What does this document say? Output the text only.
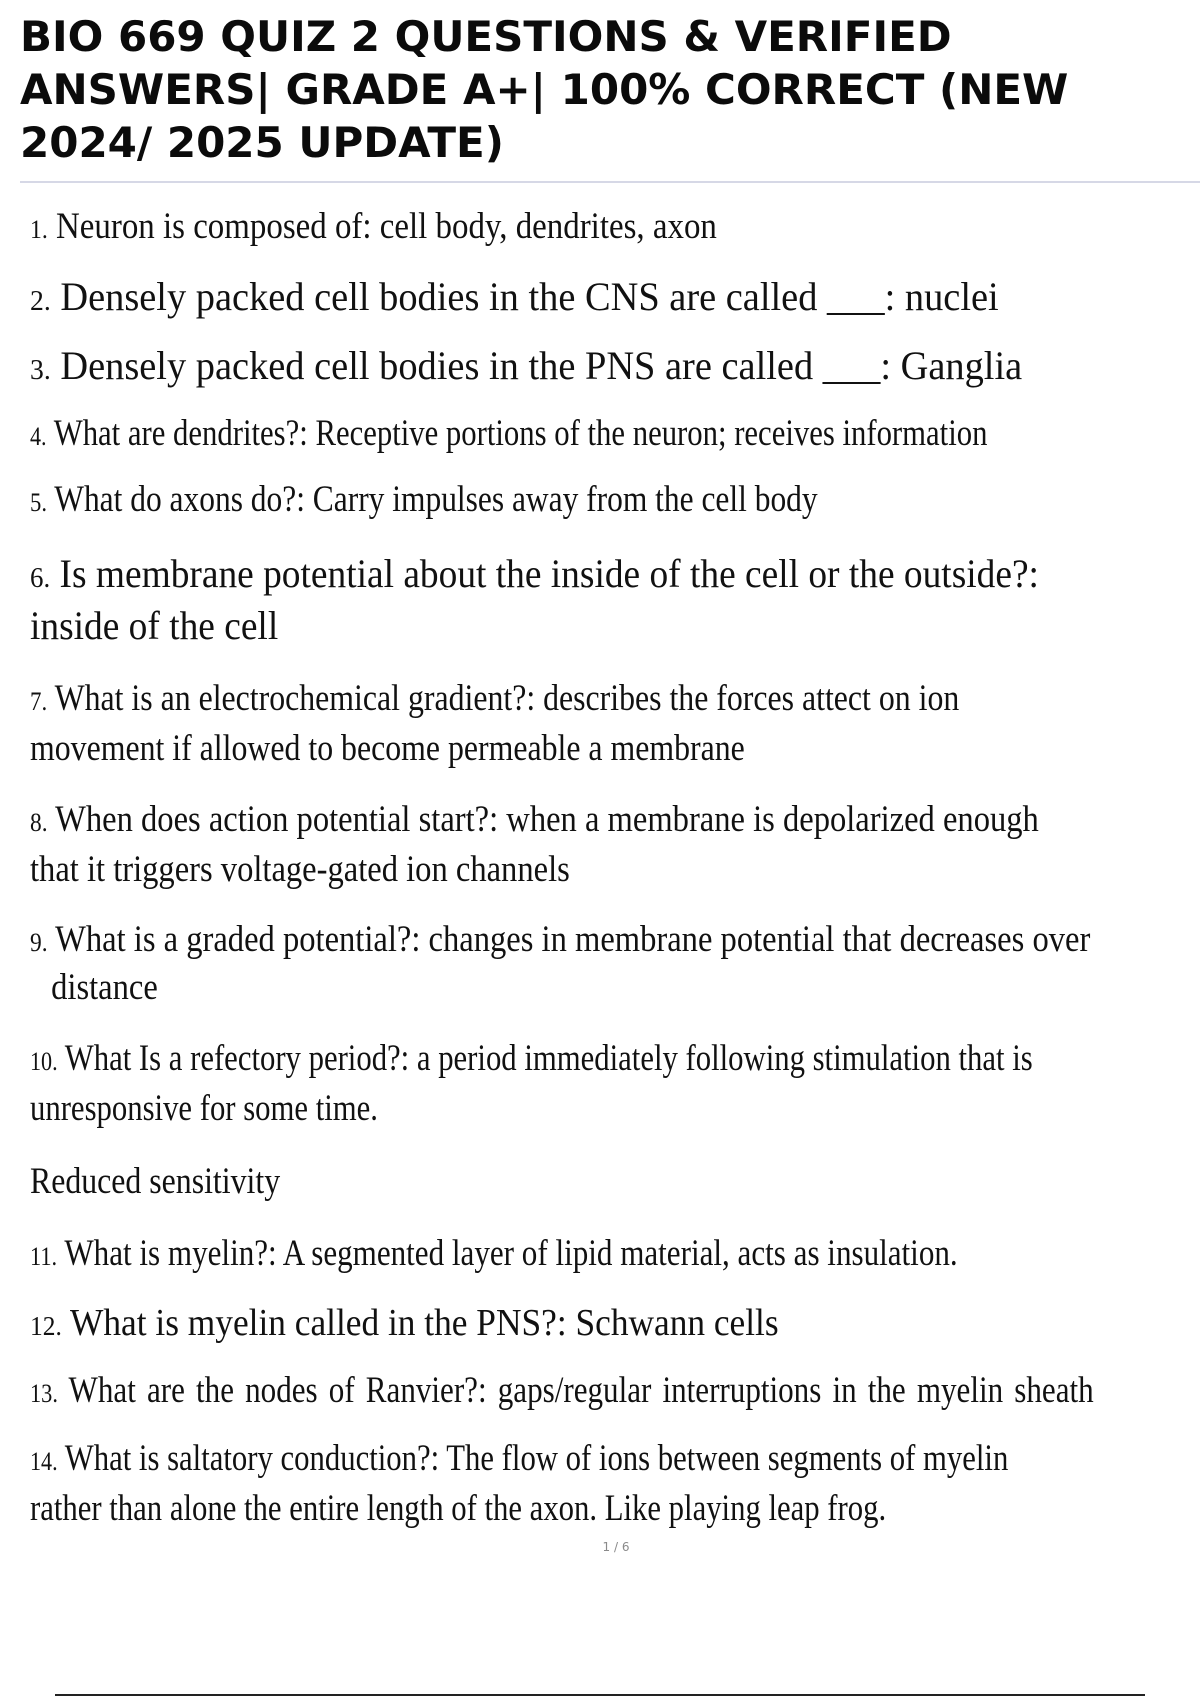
BIO 669 QUIZ 2 QUESTIONS & VERIFIED
ANSWERS| GRADE A+| 100% CORRECT (NEW
2024/ 2025 UPDATE)
1. Neuron is composed of: cell body, dendrites, axon
2. Densely packed cell bodies in the CNS are called ___: nuclei
3. Densely packed cell bodies in the PNS are called ___: Ganglia
4. What are dendrites?: Receptive portions of the neuron; receives information
5. What do axons do?: Carry impulses away from the cell body
6. Is membrane potential about the inside of the cell or the outside?:
inside of the cell
7. What is an electrochemical gradient?: describes the forces attect on ion
movement if allowed to become permeable a membrane
8. When does action potential start?: when a membrane is depolarized enough
that it triggers voltage-gated ion channels
9. What is a graded potential?: changes in membrane potential that decreases over
distance
10. What Is a refectory period?: a period immediately following stimulation that is
unresponsive for some time.
Reduced sensitivity
11. What is myelin?: A segmented layer of lipid material, acts as insulation.
12. What is myelin called in the PNS?: Schwann cells
13. What are the nodes of Ranvier?: gaps/regular interruptions in the myelin sheath
14. What is saltatory conduction?: The flow of ions between segments of myelin
rather than alone the entire length of the axon. Like playing leap frog.
1 / 6
